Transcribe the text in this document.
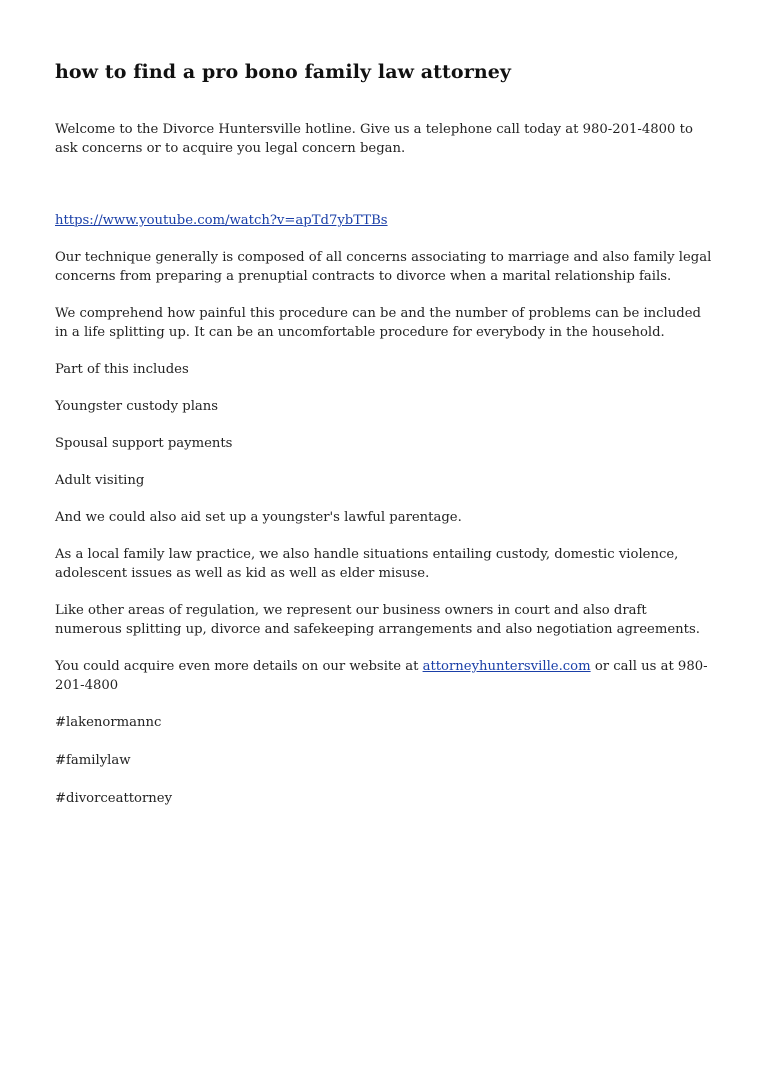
how to find a pro bono family law attorney

Welcome to the Divorce Huntersville hotline. Give us a telephone call today at 980-201-4800 to ask concerns or to acquire you legal concern began.

https://www.youtube.com/watch?v=apTd7ybTTBs

Our technique generally is composed of all concerns associating to marriage and also family legal concerns from preparing a prenuptial contracts to divorce when a marital relationship fails.

We comprehend how painful this procedure can be and the number of problems can be included in a life splitting up. It can be an uncomfortable procedure for everybody in the household.

Part of this includes

Youngster custody plans

Spousal support payments

Adult visiting

And we could also aid set up a youngster's lawful parentage.

As a local family law practice, we also handle situations entailing custody, domestic violence, adolescent issues as well as kid as well as elder misuse.

Like other areas of regulation, we represent our business owners in court and also draft numerous splitting up, divorce and safekeeping arrangements and also negotiation agreements.

You could acquire even more details on our website at attorneyhuntersville.com or call us at 980-201-4800

#lakenormannc

#familylaw

#divorceattorney
